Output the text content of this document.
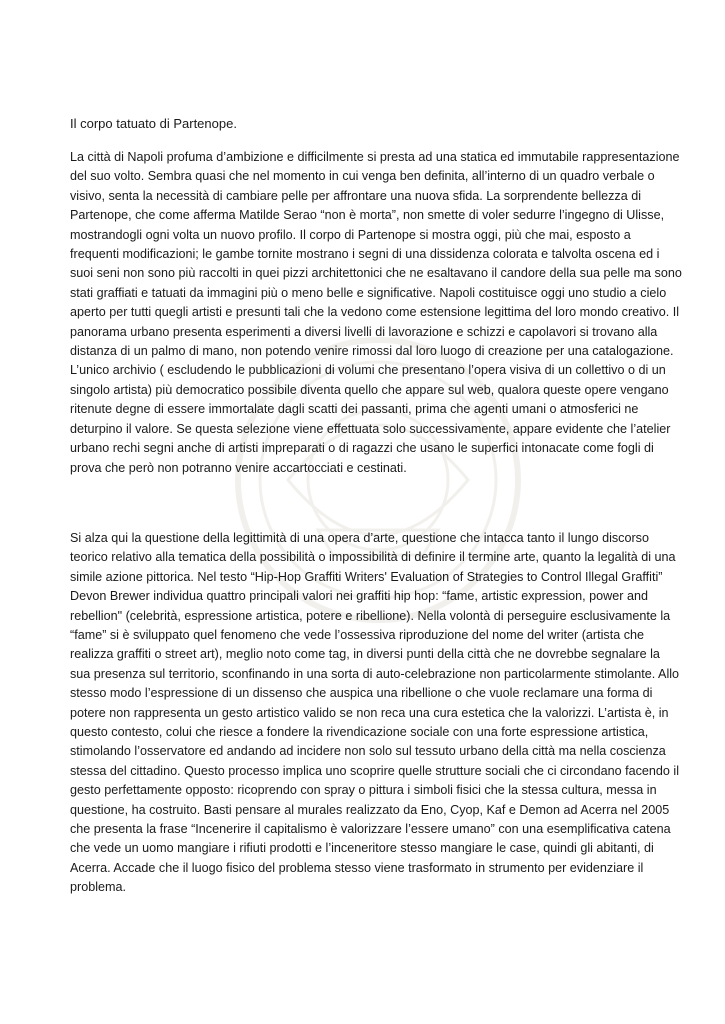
Il corpo tatuato di Partenope.

La città di Napoli profuma d’ambizione e difficilmente si presta ad una statica ed immutabile rappresentazione del suo volto. Sembra quasi che nel momento in cui venga ben definita, all’interno di un quadro verbale o visivo, senta la necessità di cambiare pelle per affrontare una nuova sfida. La sorprendente bellezza di Partenope, che come afferma Matilde Serao “non è morta”, non smette di voler sedurre l’ingegno di Ulisse, mostrandogli ogni volta un nuovo profilo. Il corpo di Partenope si mostra oggi, più che mai, esposto a frequenti modificazioni; le gambe tornite mostrano i segni di una dissidenza colorata e talvolta oscena ed i suoi seni non sono più raccolti in quei pizzi architettonici che ne esaltavano il candore della sua pelle ma sono stati graffiati e tatuati da immagini più o meno belle e significative. Napoli costituisce oggi uno studio a cielo aperto per tutti quegli artisti e presunti tali che la vedono come estensione legittima del loro mondo creativo. Il panorama urbano presenta esperimenti a diversi livelli di lavorazione e schizzi e capolavori si trovano alla distanza di un palmo di mano, non potendo venire rimossi dal loro luogo di creazione per una catalogazione. L’unico archivio ( escludendo le pubblicazioni di volumi che presentano l’opera visiva di un collettivo o di un singolo artista) più democratico possibile diventa quello che appare sul web, qualora queste opere vengano ritenute degne di essere immortalate dagli scatti dei passanti, prima che agenti umani o atmosferici ne deturpino il valore. Se questa selezione viene effettuata solo successivamente, appare evidente che l’atelier urbano rechi segni anche di artisti impreparati o di ragazzi che usano le superfici intonacate come fogli di prova che però non potranno venire accartocciati e cestinati.

Si alza qui la questione della legittimità di una opera d’arte, questione che intacca tanto il lungo discorso teorico relativo alla tematica della possibilità o impossibilità di definire il termine arte, quanto la legalità di una simile azione pittorica. Nel testo “Hip-Hop Graffiti Writers' Evaluation of Strategies to Control Illegal Graffiti” Devon Brewer individua quattro principali valori nei graffiti hip hop: “fame, artistic expression, power and rebellion" (celebrità, espressione artistica, potere e ribellione). Nella volontà di perseguire esclusivamente la “fame” si è sviluppato quel fenomeno che vede l’ossessiva riproduzione del nome del writer (artista che realizza graffiti o street art), meglio noto come tag, in diversi punti della città che ne dovrebbe segnalare la sua presenza sul territorio, sconfinando in una sorta di auto-celebrazione non particolarmente stimolante. Allo stesso modo l’espressione di un dissenso che auspica una ribellione o che vuole reclamare una forma di potere non rappresenta un gesto artistico valido se non reca una cura estetica che la valorizzi. L’artista è, in questo contesto, colui che riesce a fondere la rivendicazione sociale con una forte espressione artistica, stimolando l’osservatore ed andando ad incidere non solo sul tessuto urbano della città ma nella coscienza stessa del cittadino. Questo processo implica uno scoprire quelle strutture sociali che ci circondano facendo il gesto perfettamente opposto: ricoprendo con spray o pittura i simboli fisici che la stessa cultura, messa in questione, ha costruito. Basti pensare al murales realizzato da Eno, Cyop, Kaf e Demon ad Acerra nel 2005 che presenta la frase “Incenerire il capitalismo è valorizzare l’essere umano” con una esemplificativa catena che vede un uomo mangiare i rifiuti prodotti e l’inceneritore stesso mangiare le case, quindi gli abitanti, di Acerra. Accade che il luogo fisico del problema stesso viene trasformato in strumento per evidenziare il problema.
